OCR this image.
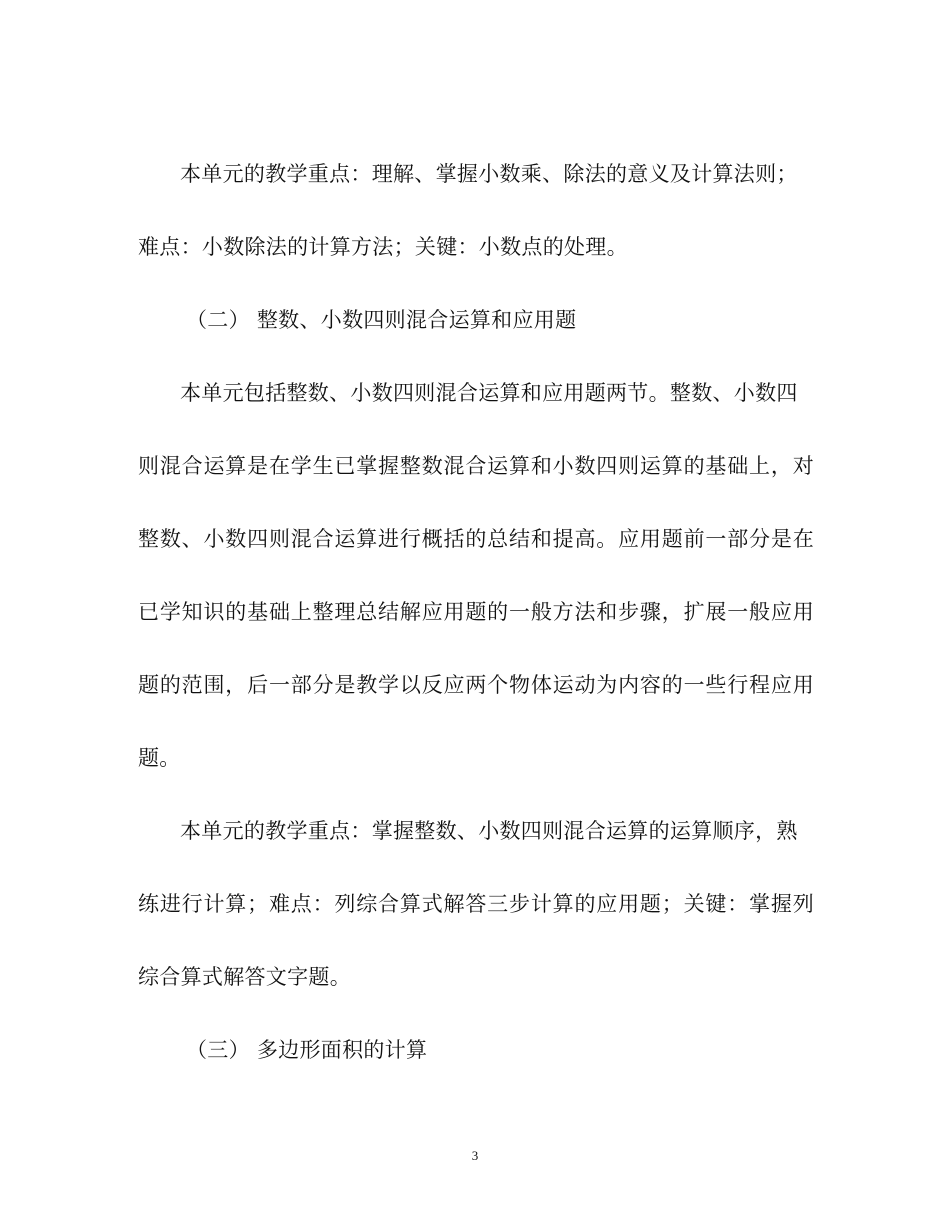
本单元的教学重点：理解、掌握小数乘、除法的意义及计算法则；
难点：小数除法的计算方法；关键：小数点的处理。
（二） 整数、小数四则混合运算和应用题
本单元包括整数、小数四则混合运算和应用题两节。整数、小数四
则混合运算是在学生已掌握整数混合运算和小数四则运算的基础上，对
整数、小数四则混合运算进行概括的总结和提高。应用题前一部分是在
已学知识的基础上整理总结解应用题的一般方法和步骤，扩展一般应用
题的范围，后一部分是教学以反应两个物体运动为内容的一些行程应用
题。
本单元的教学重点：掌握整数、小数四则混合运算的运算顺序，熟
练进行计算；难点：列综合算式解答三步计算的应用题；关键：掌握列
综合算式解答文字题。
（三） 多边形面积的计算
3
